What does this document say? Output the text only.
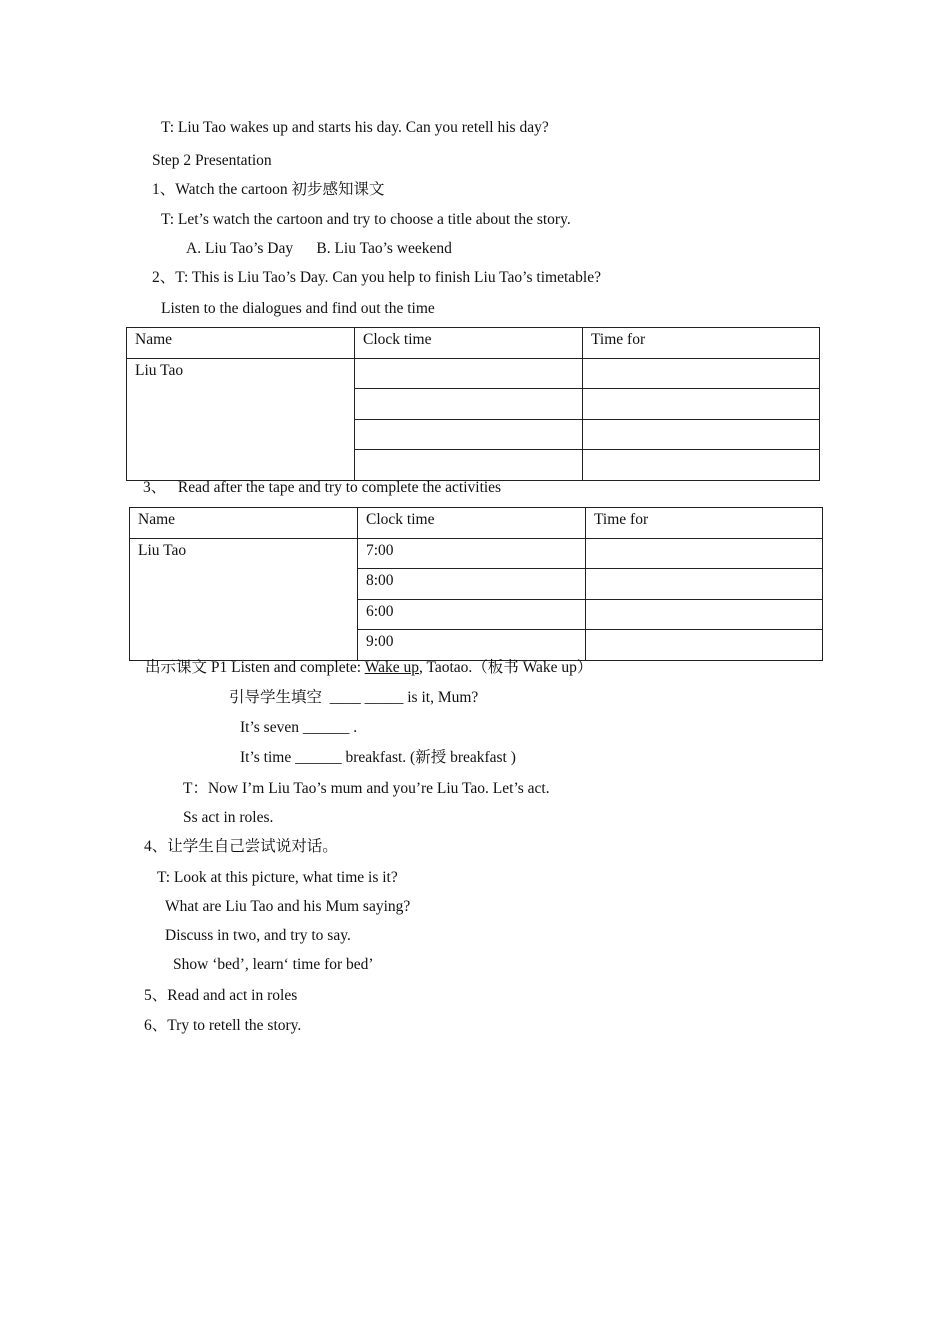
T: Liu Tao wakes up and starts his day. Can you retell his day?
Step 2 Presentation
1、Watch the cartoon 初步感知课文
T: Let’s watch the cartoon and try to choose a title about the story.
A. Liu Tao’s Day      B. Liu Tao’s weekend
2、T: This is Liu Tao’s Day. Can you help to finish Liu Tao’s timetable?
Listen to the dialogues and find out the time
Name	Clock time	Time for
Liu Tao		

3、   Read after the tape and try to complete the activities
Name	Clock time	Time for
Liu Tao	7:00	
	8:00	
	6:00	
	9:00	
出示课文 P1 Listen and complete: Wake up, Taotao.（板书 Wake up）
引导学生填空  ____ _____ is it, Mum?
It’s seven ______ .
It’s time ______ breakfast. (新授 breakfast )
T：Now I’m Liu Tao’s mum and you’re Liu Tao. Let’s act.
Ss act in roles.
4、让学生自己尝试说对话。
T: Look at this picture, what time is it?
What are Liu Tao and his Mum saying?
Discuss in two, and try to say.
Show ‘bed’, learn‘ time for bed’
5、Read and act in roles
6、Try to retell the story.
